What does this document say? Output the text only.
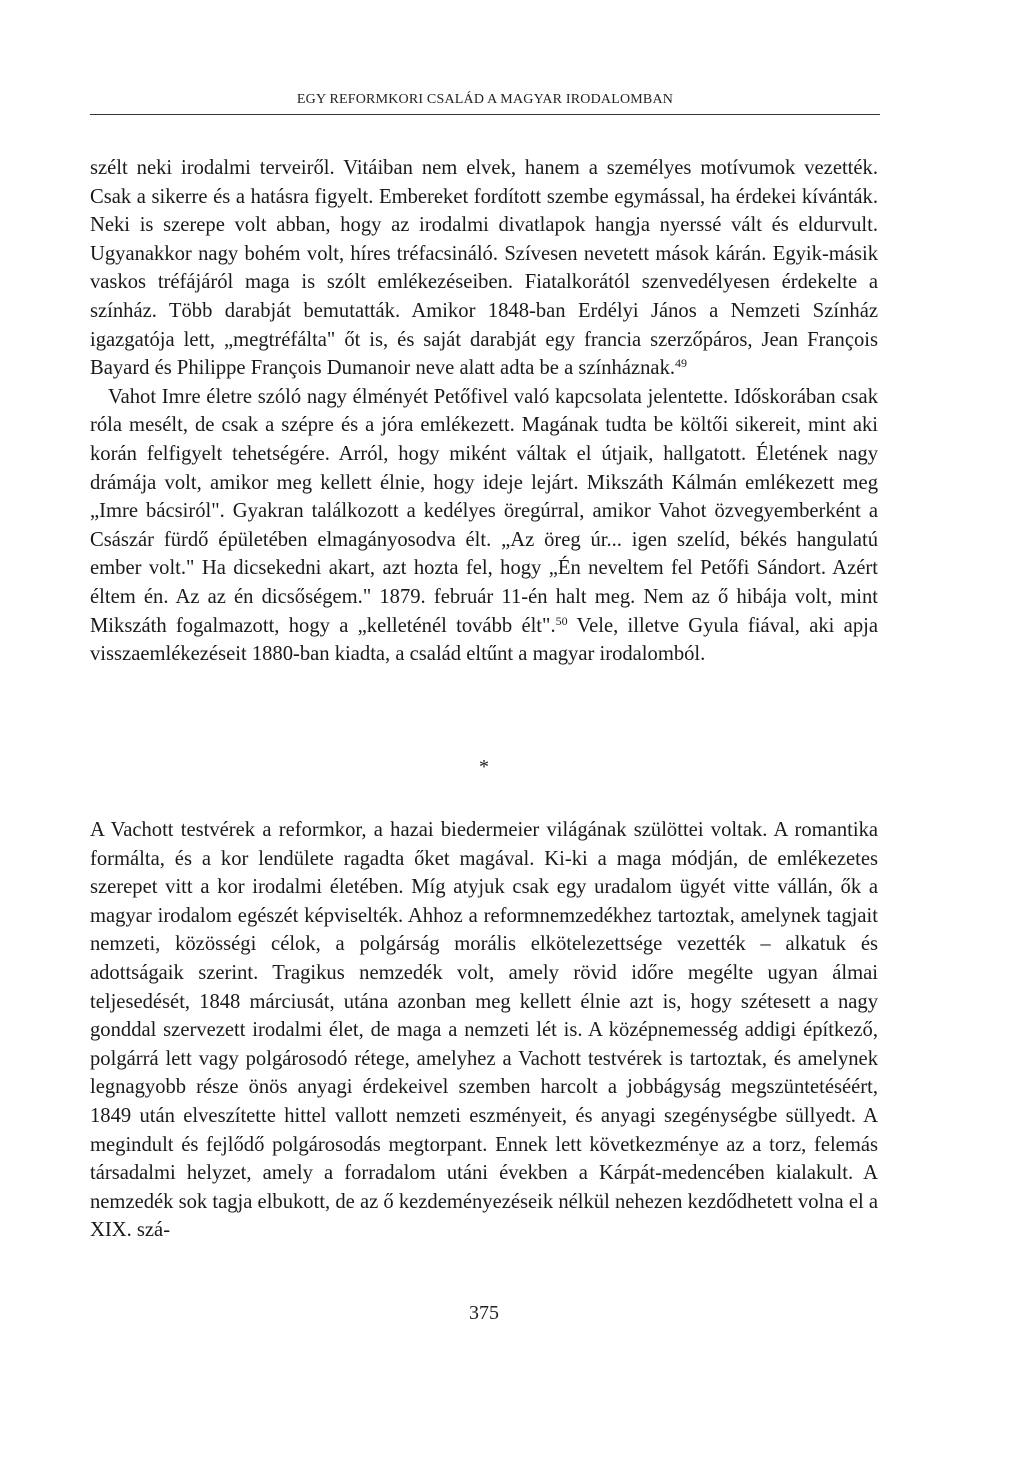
EGY REFORMKORI CSALÁD A MAGYAR IRODALOMBAN

szélt neki irodalmi terveiről. Vitáiban nem elvek, hanem a személyes motívumok vezették. Csak a sikerre és a hatásra figyelt. Embereket fordított szembe egymással, ha érdekei kívánták. Neki is szerepe volt abban, hogy az irodalmi divatlapok hangja nyerssé vált és eldurvult. Ugyanakkor nagy bohém volt, híres tréfacsináló. Szívesen nevetett mások kárán. Egyik-másik vaskos tréfájáról maga is szólt emlékezéseiben. Fiatalkorától szenvedélyesen érdekelte a színház. Több darabját bemutatták. Amikor 1848-ban Erdélyi János a Nemzeti Színház igazgatója lett, „megtréfálta" őt is, és saját darabját egy francia szerzőpáros, Jean François Bayard és Philippe François Dumanoir neve alatt adta be a színháznak.$^{49}$

Vahot Imre életre szóló nagy élményét Petőfivel való kapcsolata jelentette. Időskorában csak róla mesélt, de csak a szépre és a jóra emlékezett. Magának tudta be költői sikereit, mint aki korán felfigyelt tehetségére. Arról, hogy miként váltak el útjaik, hallgatott. Életének nagy drámája volt, amikor meg kellett élnie, hogy ideje lejárt. Mikszáth Kálmán emlékezett meg „Imre bácsiról". Gyakran találkozott a kedélyes öregúrral, amikor Vahot özvegyemberként a Császár fürdő épületében elmagányosodva élt. „Az öreg úr... igen szelíd, békés hangulatú ember volt." Ha dicsekedni akart, azt hozta fel, hogy „Én neveltem fel Petőfi Sándort. Azért éltem én. Az az én dicsőségem." 1879. február 11-én halt meg. Nem az ő hibája volt, mint Mikszáth fogalmazott, hogy a „kelleténél tovább élt".$^{50}$ Vele, illetve Gyula fiával, aki apja visszaemlékezéseit 1880-ban kiadta, a család eltűnt a magyar irodalomból.

*

A Vachott testvérek a reformkor, a hazai biedermeier világának szülöttei voltak. A romantika formálta, és a kor lendülete ragadta őket magával. Ki-ki a maga módján, de emlékezetes szerepet vitt a kor irodalmi életében. Míg atyjuk csak egy uradalom ügyét vitte vállán, ők a magyar irodalom egészét képviselték. Ahhoz a reformnemzedékhez tartoztak, amelynek tagjait nemzeti, közösségi célok, a polgárság morális elkötelezettsége vezették – alkatuk és adottságaik szerint. Tragikus nemzedék volt, amely rövid időre megélte ugyan álmai teljesedését, 1848 márciusát, utána azonban meg kellett élnie azt is, hogy szétesett a nagy gonddal szervezett irodalmi élet, de maga a nemzeti lét is. A középnemesség addigi építkező, polgárrá lett vagy polgárosodó rétege, amelyhez a Vachott testvérek is tartoztak, és amelynek legnagyobb része önös anyagi érdekeivel szemben harcolt a jobbágyság megszüntetéséért, 1849 után elveszítette hittel vallott nemzeti eszményeit, és anyagi szegénységbe süllyedt. A megindult és fejlődő polgárosodás megtorpant. Ennek lett következménye az a torz, felemás társadalmi helyzet, amely a forradalom utáni években a Kárpát-medencében kialakult. A nemzedék sok tagja elbukott, de az ő kezdeményezéseik nélkül nehezen kezdődhetett volna el a XIX. szá-

375
